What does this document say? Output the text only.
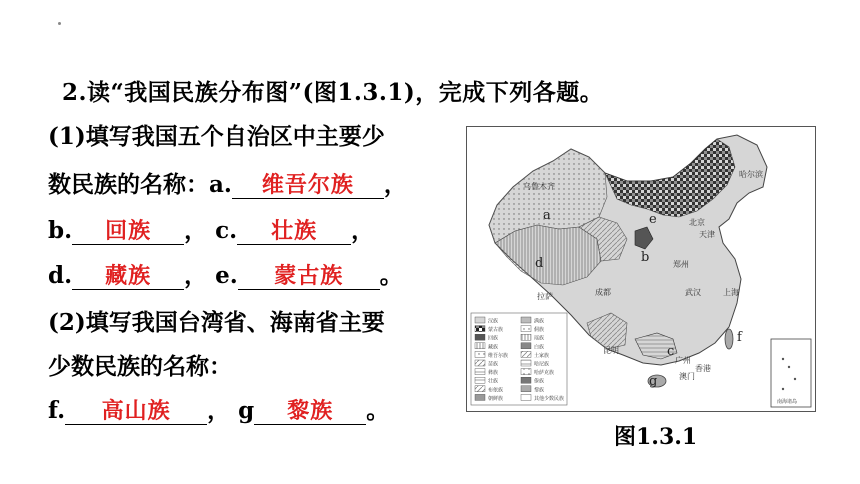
2.读“我国民族分布图”(图1.3.1)，完成下列各题。
(1)填写我国五个自治区中主要少
数民族的名称：a.	维吾尔族	，
b.	回族	， c.	壮族	，
d.	藏族	， e.	蒙古族	。
(2)填写我国台湾省、海南省主要
少数民族的名称：
f.	高山族	， g	黎族	。
a
b
c
d
e
f
g
哈尔滨
乌鲁木齐
北京
天津
拉萨
郑州
成都	武汉	上海
昆明
广州
香港
澳门
南海诸岛
汉族
蒙古族
回族
藏族
维吾尔族
苗族
彝族
壮族
布依族
朝鲜族
满族
侗族
瑶族
白族
土家族
哈尼族
哈萨克族
傣族
黎族
其他少数民族
图1.3.1
